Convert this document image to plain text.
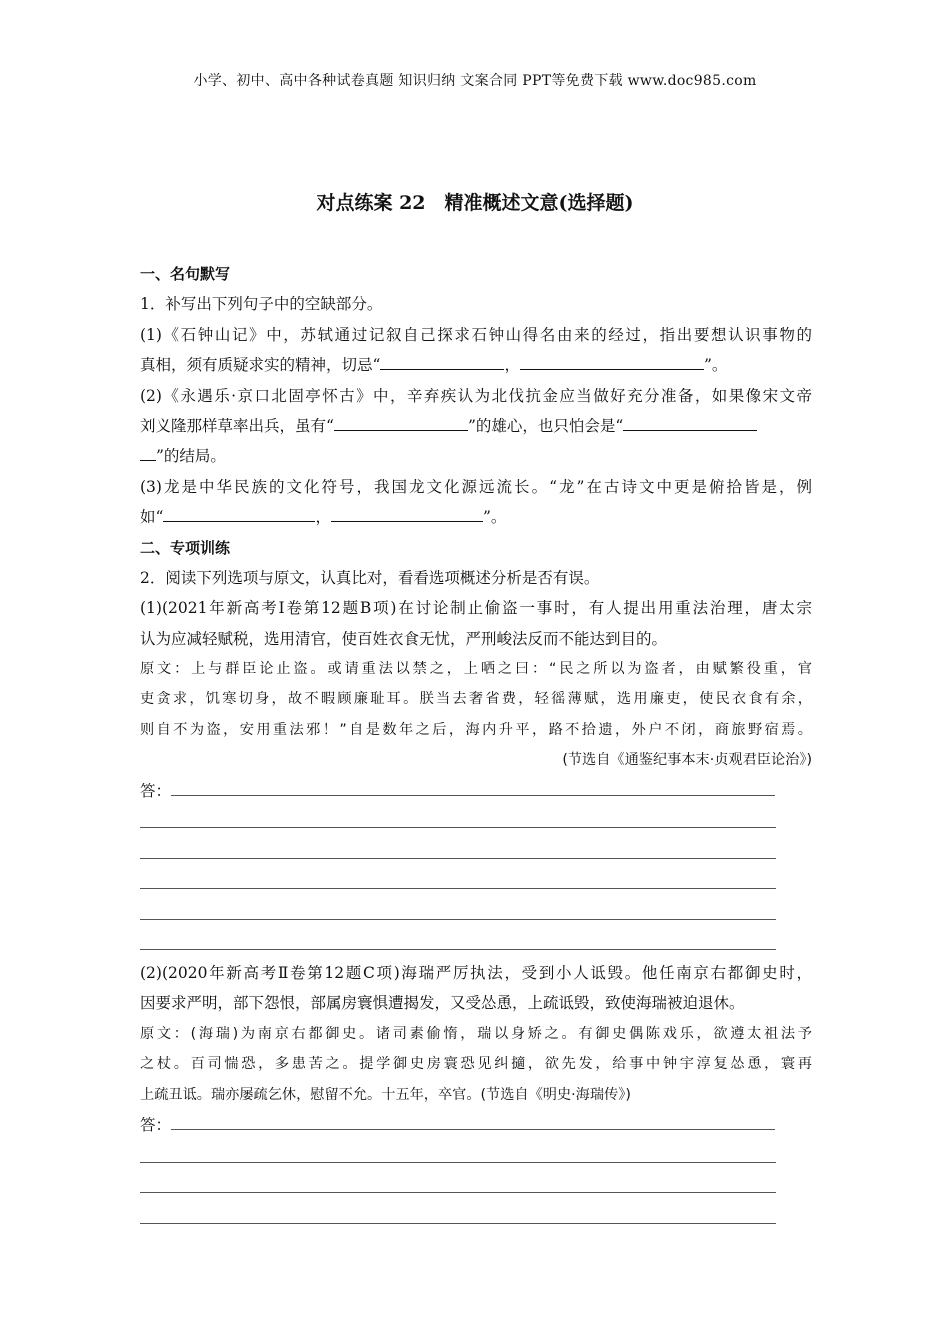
小学、初中、高中各种试卷真题 知识归纳 文案合同 PPT等免费下载 www.doc985.com
对点练案 22　精准概述文意(选择题)
一、名句默写
1．补写出下列句子中的空缺部分。
(1)《石钟山记》中，苏轼通过记叙自己探求石钟山得名由来的经过，指出要想认识事物的
真相，须有质疑求实的精神，切忌“	，	”。
(2)《永遇乐·京口北固亭怀古》中，辛弃疾认为北伐抗金应当做好充分准备，如果像宋文帝
刘义隆那样草率出兵，虽有“	”的雄心，也只怕会是“
”的结局。
(3)龙是中华民族的文化符号，我国龙文化源远流长。“龙”在古诗文中更是俯拾皆是，例
如“	，	”。
二、专项训练
2．阅读下列选项与原文，认真比对，看看选项概述分析是否有误。
(1)(2021年新高考Ⅰ卷第12题B项)在讨论制止偷盗一事时，有人提出用重法治理，唐太宗
认为应减轻赋税，选用清官，使百姓衣食无忧，严刑峻法反而不能达到目的。
原文：上与群臣论止盗。或请重法以禁之，上哂之曰：“民之所以为盗者，由赋繁役重，官
吏贪求，饥寒切身，故不暇顾廉耻耳。朕当去奢省费，轻徭薄赋，选用廉吏，使民衣食有余，
则自不为盗，安用重法邪！”自是数年之后，海内升平，路不拾遗，外户不闭，商旅野宿焉。
(节选自《通鉴纪事本末·贞观君臣论治》)
答：
(2)(2020年新高考Ⅱ卷第12题C项)海瑞严厉执法，受到小人诋毁。他任南京右都御史时，
因要求严明，部下怨恨，部属房寰惧遭揭发，又受怂恿，上疏诋毁，致使海瑞被迫退休。
原文：(海瑞)为南京右都御史。诸司素偷惰，瑞以身矫之。有御史偶陈戏乐，欲遵太祖法予
之杖。百司惴恐，多患苦之。提学御史房寰恐见纠擿，欲先发，给事中钟宇淳复怂恿，寰再
上疏丑诋。瑞亦屡疏乞休，慰留不允。十五年，卒官。(节选自《明史·海瑞传》)
答：
